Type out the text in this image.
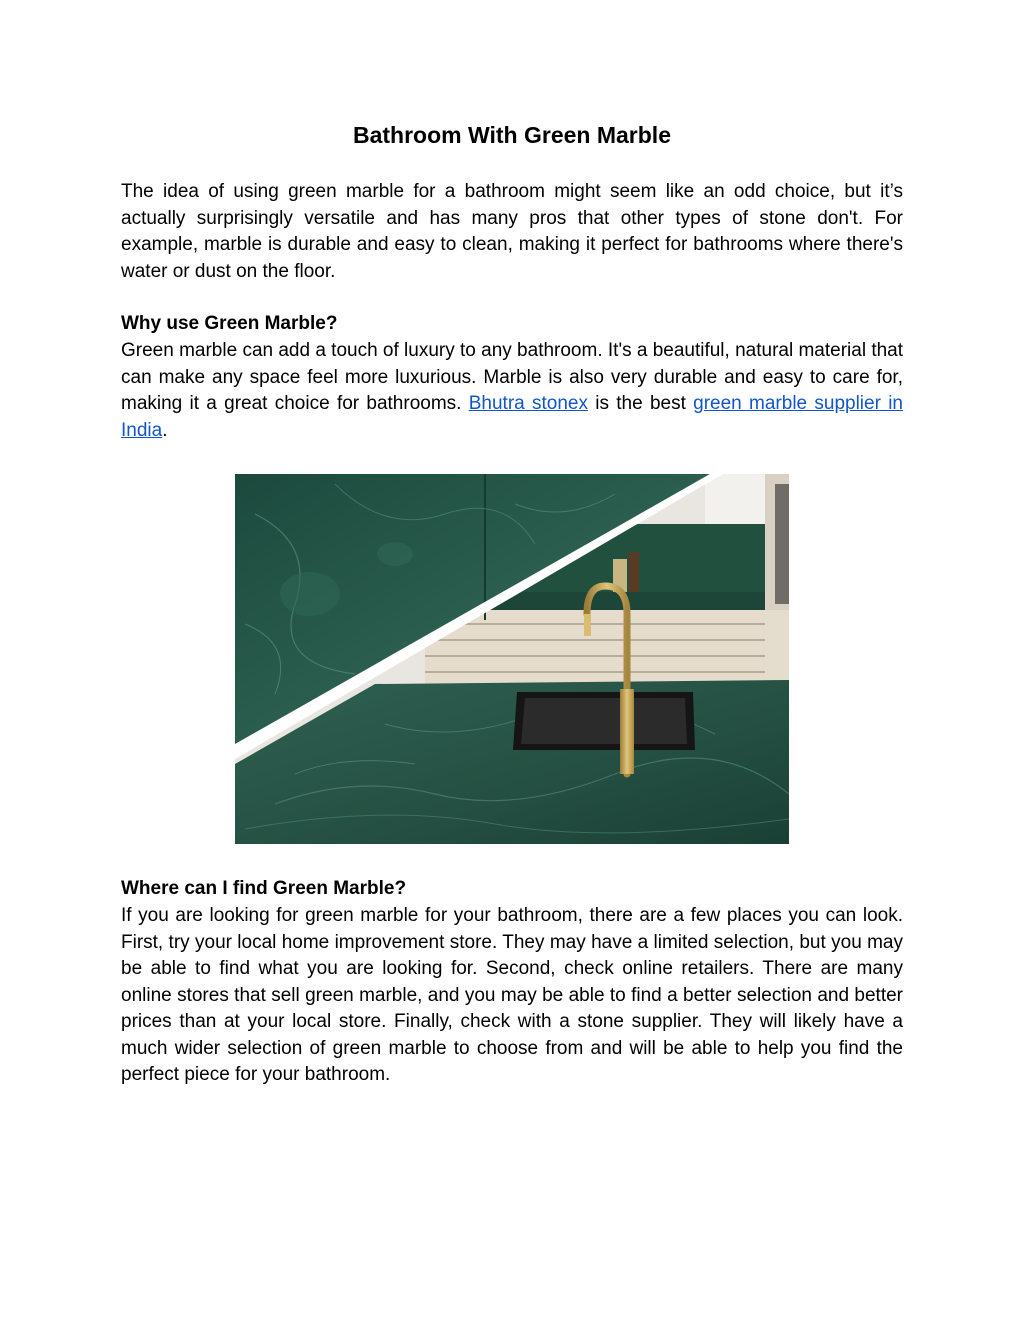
Bathroom With Green Marble

The idea of using green marble for a bathroom might seem like an odd choice, but it’s actually surprisingly versatile and has many pros that other types of stone don't. For example, marble is durable and easy to clean, making it perfect for bathrooms where there's water or dust on the floor.

Why use Green Marble?

Green marble can add a touch of luxury to any bathroom. It's a beautiful, natural material that can make any space feel more luxurious. Marble is also very durable and easy to care for, making it a great choice for bathrooms. Bhutra stonex is the best green marble supplier in India.

Where can I find Green Marble?

If you are looking for green marble for your bathroom, there are a few places you can look. First, try your local home improvement store. They may have a limited selection, but you may be able to find what you are looking for. Second, check online retailers. There are many online stores that sell green marble, and you may be able to find a better selection and better prices than at your local store. Finally, check with a stone supplier. They will likely have a much wider selection of green marble to choose from and will be able to help you find the perfect piece for your bathroom.
